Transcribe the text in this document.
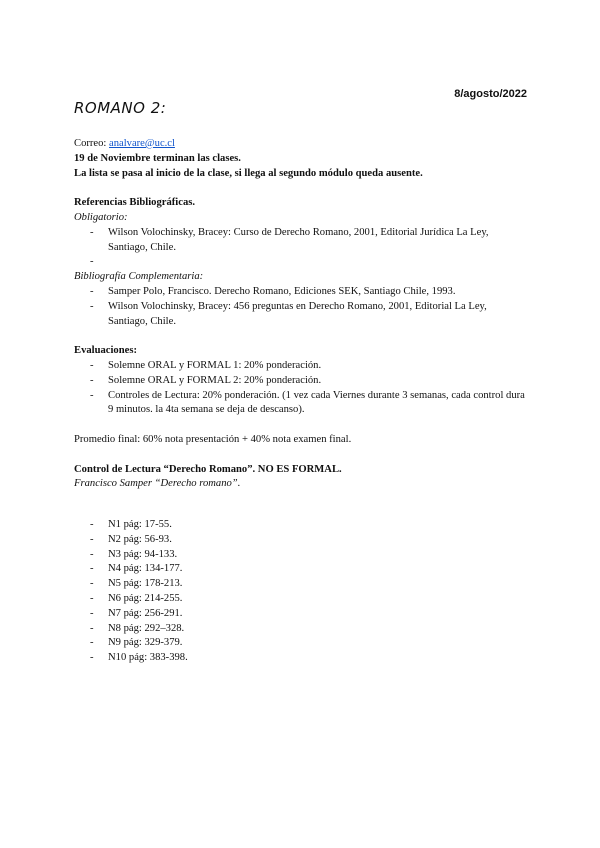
8/agosto/2022
ROMANO 2:

Correo: analvare@uc.cl

19 de Noviembre terminan las clases.

La lista se pasa al inicio de la clase, si llega al segundo módulo queda ausente.

Referencias Bibliográficas.

Obligatorio:

- Wilson Volochinsky, Bracey: Curso de Derecho Romano, 2001, Editorial Jurídica La Ley, Santiago, Chile.
-

Bibliografía Complementaria:

- Samper Polo, Francisco. Derecho Romano, Ediciones SEK, Santiago Chile, 1993.
- Wilson Volochinsky, Bracey: 456 preguntas en Derecho Romano, 2001, Editorial La Ley, Santiago, Chile.

Evaluaciones:

- Solemne ORAL y FORMAL 1: 20% ponderación.
- Solemne ORAL y FORMAL 2: 20% ponderación.
- Controles de Lectura: 20% ponderación. (1 vez cada Viernes durante 3 semanas, cada control dura 9 minutos. la 4ta semana se deja de descanso).

Promedio final: 60% nota presentación + 40% nota examen final.

Control de Lectura “Derecho Romano”. NO ES FORMAL.

Francisco Samper “Derecho romano”.

- N1 pág: 17-55.
- N2 pág: 56-93.
- N3 pág: 94-133.
- N4 pág: 134-177.
- N5 pág: 178-213.
- N6 pág: 214-255.
- N7 pág: 256-291.
- N8 pág: 292–328.
- N9 pág: 329-379.
- N10 pág: 383-398.
